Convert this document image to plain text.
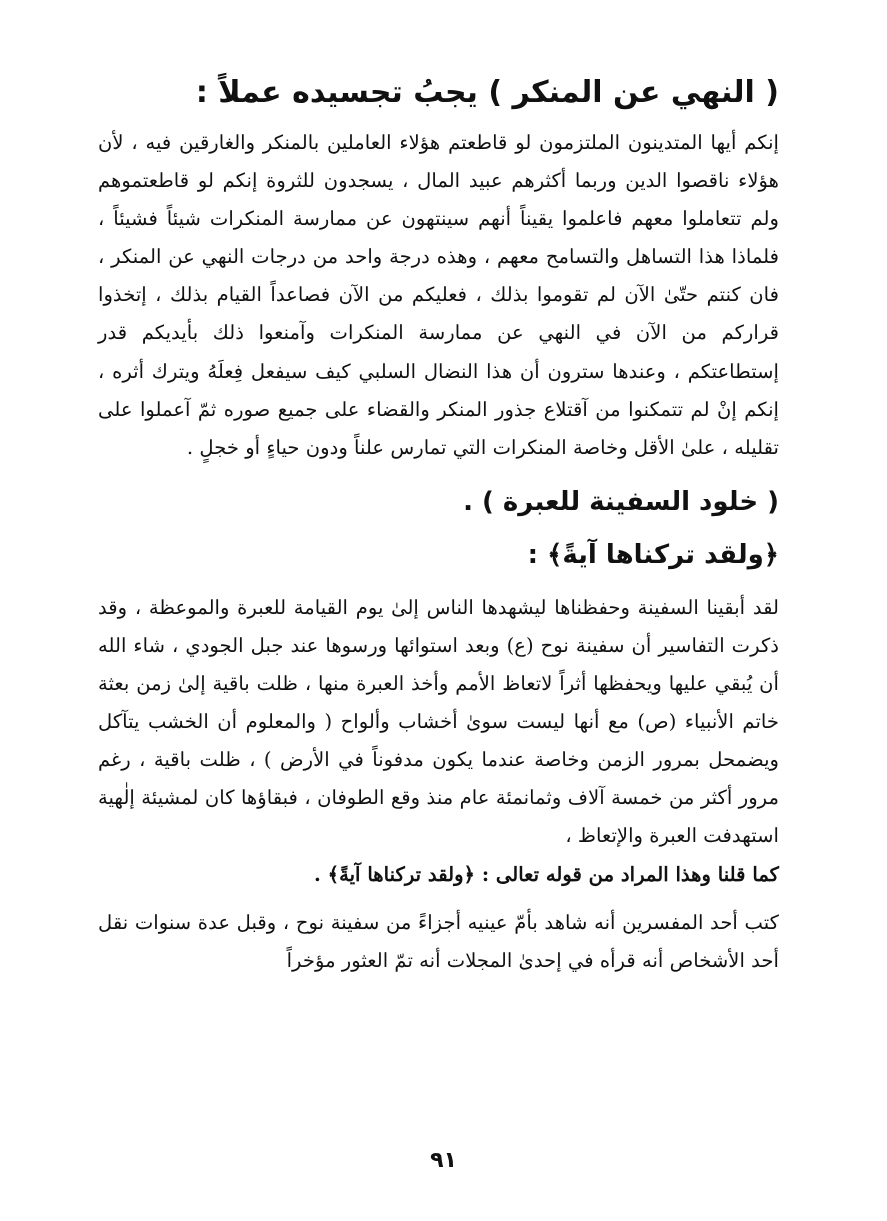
( النهي عن المنكر ) يجبُ تجسيده عملاً :

إنكم أيها المتدينون الملتزمون لو قاطعتم هؤلاء العاملين بالمنكر والغارقين فيه ، لأن هؤلاء ناقصوا الدين وربما أكثرهم عبيد المال ، يسجدون للثروة إنكم لو قاطعتموهم ولم تتعاملوا معهم فاعلموا يقيناً أنهم سينتهون عن ممارسة المنكرات شيئاً فشيئاً ، فلماذا هذا التساهل والتسامح معهم ، وهذه درجة واحد من درجات النهي عن المنكر ، فان كنتم حتّىٰ الآن لم تقوموا بذلك ، فعليكم من الآن فصاعداً القيام بذلك ، إتخذوا قراركم من الآن في النهي عن ممارسة المنكرات وآمنعوا ذلك بأيديكم قدر إستطاعتكم ، وعندها سترون أن هذا النضال السلبي كيف سيفعل فِعلَهُ ويترك أثره ، إنكم إنْ لم تتمكنوا من آقتلاع جذور المنكر والقضاء على جميع صوره ثمّ آعملوا على تقليله ، علىٰ الأقل وخاصة المنكرات التي تمارس علناً ودون حياءٍ أو خجلٍ .

( خلود السفينة للعبرة ) .
﴿ولقد تركناها آيةً﴾ :

لقد أبقينا السفينة وحفظناها ليشهدها الناس إلىٰ يوم القيامة للعبرة والموعظة ، وقد ذكرت التفاسير أن سفينة نوح (ع) وبعد استوائها ورسوها عند جبل الجودي ، شاء الله أن يُبقي عليها ويحفظها أثراً لاتعاظ الأمم وأخذ العبرة منها ، ظلت باقية إلىٰ زمن بعثة خاتم الأنبياء (ص) مع أنها ليست سوىٰ أخشاب وألواح ( والمعلوم أن الخشب يتآكل ويضمحل بمرور الزمن وخاصة عندما يكون مدفوناً في الأرض ) ، ظلت باقية ، رغم مرور أكثر من خمسة آلاف وثمانمئة عام منذ وقع الطوفان ، فبقاؤها كان لمشيئة إلٰهية استهدفت العبرة والإتعاظ ،

كما قلنا وهذا المراد من قوله تعالى : ﴿ولقد تركناها آيةً﴾ .

كتب أحد المفسرين أنه شاهد بأمّ عينيه أجزاءً من سفينة نوح ، وقبل عدة سنوات نقل أحد الأشخاص أنه قرأه في إحدىٰ المجلات أنه تمّ العثور مؤخراً

٩١
